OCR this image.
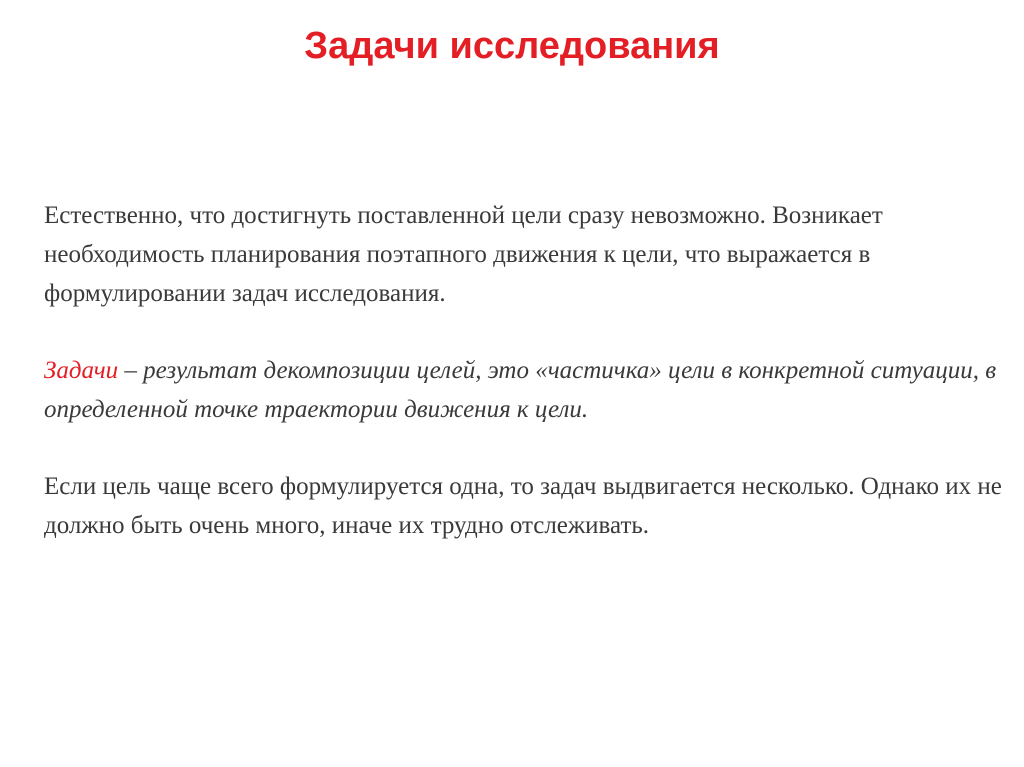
Задачи исследования

Естественно, что достигнуть поставленной цели сразу невозможно. Возникает необходимость планирования поэтапного движения к цели, что выражается в формулировании задач исследования.

Задачи – результат декомпозиции целей, это «частичка» цели в конкретной ситуации, в определенной точке траектории движения к цели.

Если цель чаще всего формулируется одна, то задач выдвигается несколько. Однако их не должно быть очень много, иначе их трудно отслеживать.
